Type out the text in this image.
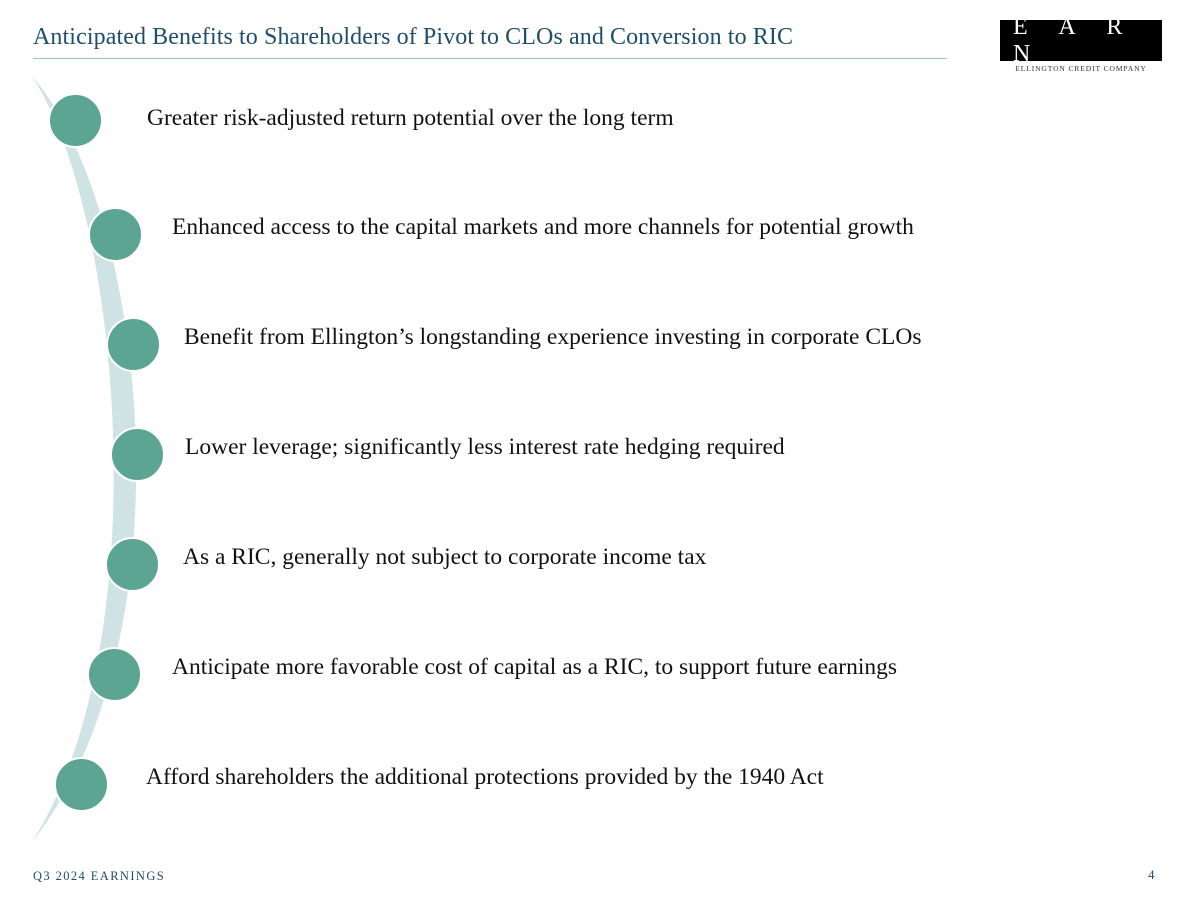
Anticipated Benefits to Shareholders of Pivot to CLOs and Conversion to RIC	E A R N
ELLINGTON CREDIT COMPANY
Greater risk-adjusted return potential over the long term
Enhanced access to the capital markets and more channels for potential growth
Benefit from Ellington’s longstanding experience investing in corporate CLOs
Lower leverage; significantly less interest rate hedging required
As a RIC, generally not subject to corporate income tax
Anticipate more favorable cost of capital as a RIC, to support future earnings
Afford shareholders the additional protections provided by the 1940 Act
Q3 2024 EARNINGS	4
